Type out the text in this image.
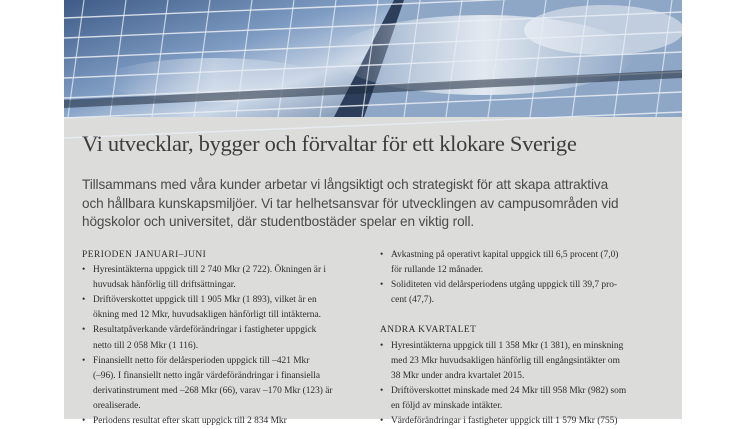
Vi utvecklar, bygger och förvaltar för ett klokare Sverige

Tillsammans med våra kunder arbetar vi långsiktigt och strategiskt för att skapa attraktiva
och hållbara kunskapsmiljöer. Vi tar helhetsansvar för utvecklingen av campusområden vid
högskolor och universitet, där studentbostäder spelar en viktig roll.

PERIODEN JANUARI–JUNI
• Hyresintäkterna uppgick till 2 740 Mkr (2 722). Ökningen är i
huvudsak hänförlig till driftsättningar.
• Driftöverskottet uppgick till 1 905 Mkr (1 893), vilket är en
ökning med 12 Mkr, huvudsakligen hänförligt till intäkterna.
• Resultatpåverkande värdeförändringar i fastigheter uppgick
netto till 2 058 Mkr (1 116).
• Finansiellt netto för delårsperioden uppgick till –421 Mkr
(–96). I finansiellt netto ingår värdeförändringar i finansiella
derivatinstrument med –268 Mkr (66), varav –170 Mkr (123) är
orealiserade.
• Periodens resultat efter skatt uppgick till 2 834 Mkr
• Avkastning på operativt kapital uppgick till 6,5 procent (7,0)
för rullande 12 månader.
• Soliditeten vid delårsperiodens utgång uppgick till 39,7 pro-
cent (47,7).
ANDRA KVARTALET
• Hyresintäkterna uppgick till 1 358 Mkr (1 381), en minskning
med 23 Mkr huvudsakligen hänförlig till engångsintäkter om
38 Mkr under andra kvartalet 2015.
• Driftöverskottet minskade med 24 Mkr till 958 Mkr (982) som
en följd av minskade intäkter.
• Värdeförändringar i fastigheter uppgick till 1 579 Mkr (755)
